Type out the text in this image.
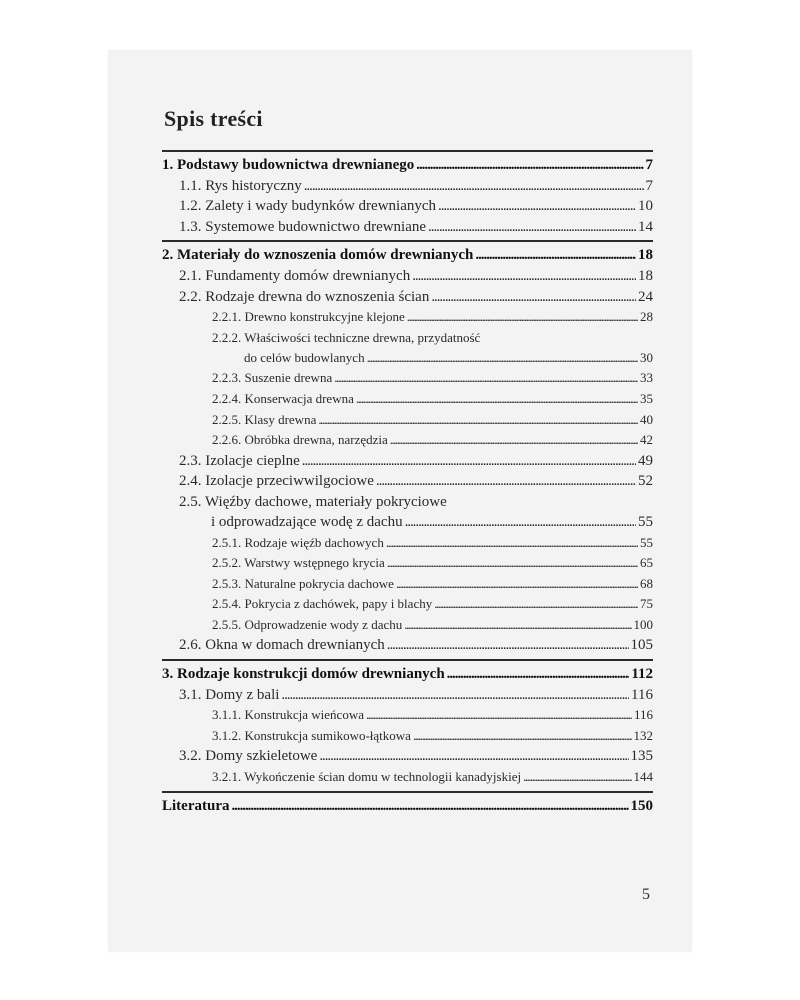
Spis treści
1. Podstawy budownictwa drewnianego . . .	7
1.1. Rys historyczny . . .	7
1.2. Zalety i wady budynków drewnianych . . .	10
1.3. Systemowe budownictwo drewniane . . .	14
2. Materiały do wznoszenia domów drewnianych . . .	18
2.1. Fundamenty domów drewnianych . . .	18
2.2. Rodzaje drewna do wznoszenia ścian . . .	24
2.2.1. Drewno konstrukcyjne klejone . . .	28
2.2.2. Właściwości techniczne drewna, przydatność
do celów budowlanych . . .	30
2.2.3. Suszenie drewna . . .	33
2.2.4. Konserwacja drewna . . .	35
2.2.5. Klasy drewna . . .	40
2.2.6. Obróbka drewna, narzędzia . . .	42
2.3. Izolacje cieplne . . .	49
2.4. Izolacje przeciwwilgociowe . . .	52
2.5. Więźby dachowe, materiały pokryciowe
i odprowadzające wodę z dachu . . .	55
2.5.1. Rodzaje więźb dachowych . . .	55
2.5.2. Warstwy wstępnego krycia . . .	65
2.5.3. Naturalne pokrycia dachowe . . .	68
2.5.4. Pokrycia z dachówek, papy i blachy . . .	75
2.5.5. Odprowadzenie wody z dachu . . .	100
2.6. Okna w domach drewnianych . . .	105
3. Rodzaje konstrukcji domów drewnianych . . .	112
3.1. Domy z bali . . .	116
3.1.1. Konstrukcja wieńcowa . . .	116
3.1.2. Konstrukcja sumikowo-łątkowa . . .	132
3.2. Domy szkieletowe . . .	135
3.2.1. Wykończenie ścian domu w technologii kanadyjskiej . . .	144
Literatura . . .	150
5
